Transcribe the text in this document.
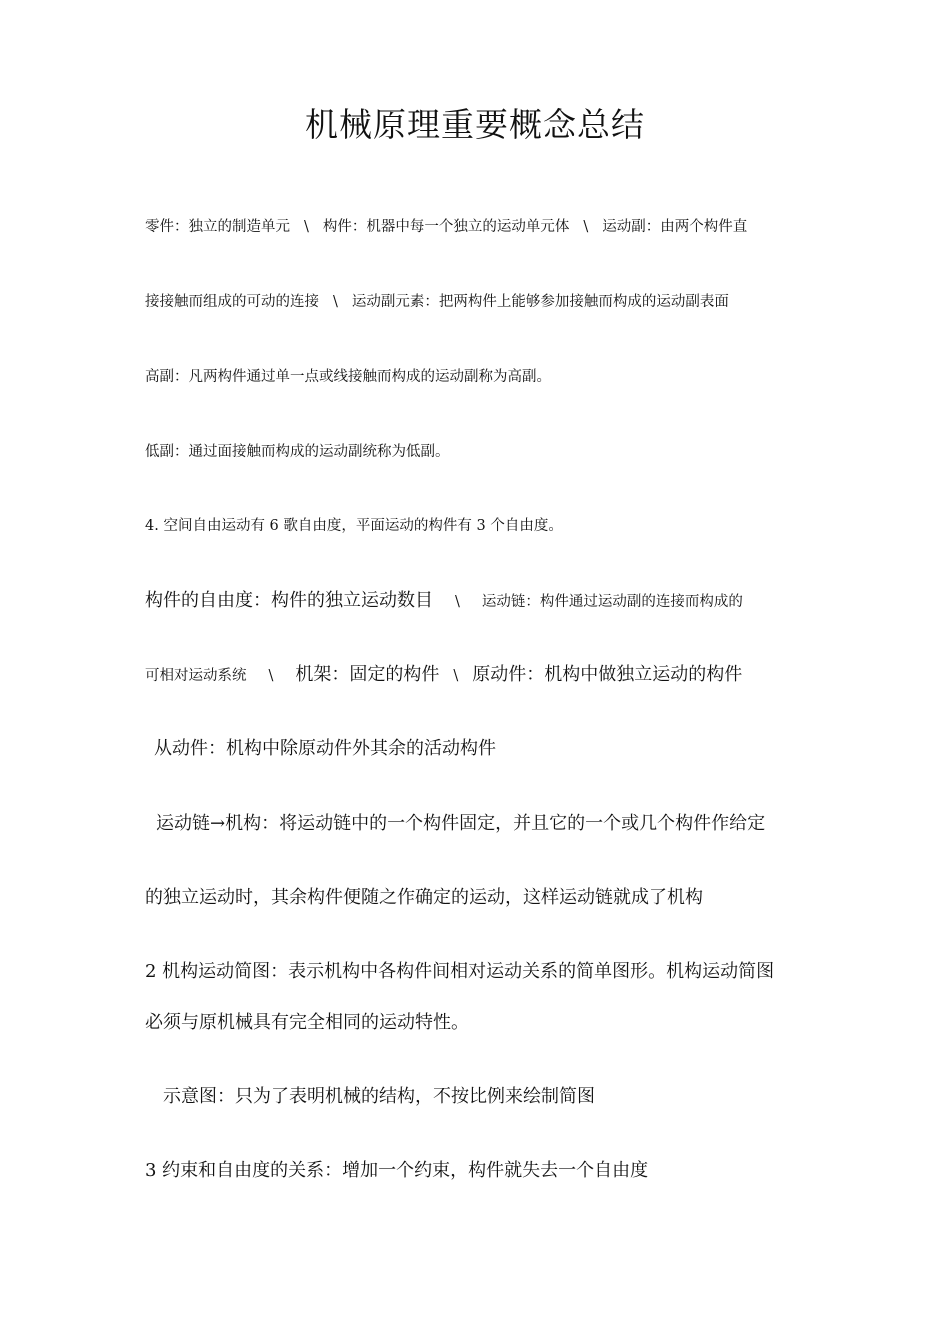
机械原理重要概念总结

零件：独立的制造单元 \ 构件：机器中每一个独立的运动单元体 \ 运动副：由两个构件直

接接触而组成的可动的连接 \ 运动副元素：把两构件上能够参加接触而构成的运动副表面

高副：凡两构件通过单一点或线接触而构成的运动副称为高副。

低副：通过面接触而构成的运动副统称为低副。

4. 空间自由运动有 6 歌自由度，平面运动的构件有 3 个自由度。

构件的自由度：构件的独立运动数目 \ 运动链：构件通过运动副的连接而构成的

可相对运动系统 \ 机架：固定的构件 \ 原动件：机构中做独立运动的构件

从动件：机构中除原动件外其余的活动构件

运动链→机构：将运动链中的一个构件固定，并且它的一个或几个构件作给定

的独立运动时，其余构件便随之作确定的运动，这样运动链就成了机构

2 机构运动简图：表示机构中各构件间相对运动关系的简单图形。机构运动简图

必须与原机械具有完全相同的运动特性。

示意图：只为了表明机械的结构，不按比例来绘制简图

3 约束和自由度的关系：增加一个约束，构件就失去一个自由度
